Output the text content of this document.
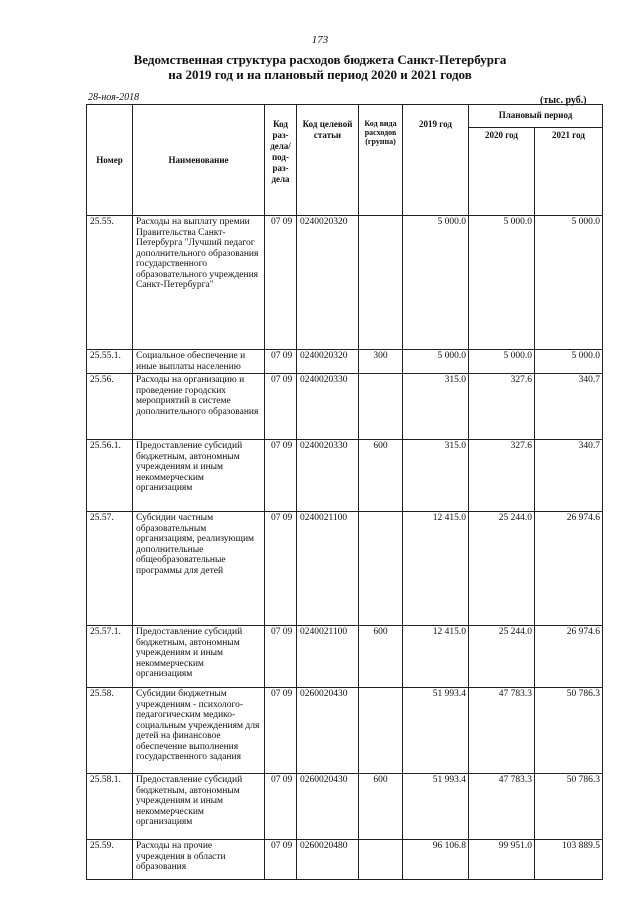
173
Ведомственная структура расходов бюджета Санкт-Петербурга
на 2019 год и на плановый период 2020 и 2021 годов
28-ноя-2018	(тыс. руб.)
Номер	Наименование	Код раз-дела/под-раз-дела	Код целевой статьи	Код вида расходов (группа)	2019 год	Плановый период	
						2020 год	2021 год
25.55.	Расходы на выплату премии Правительства Санкт-Петербурга "Лучший педагог дополнительного образования государственного образовательного учреждения Санкт-Петербурга"	07 09	0240020320		5 000.0	5 000.0	5 000.0
25.55.1.	Социальное обеспечение и иные выплаты населению	07 09	0240020320	300	5 000.0	5 000.0	5 000.0
25.56.	Расходы на организацию и проведение городских мероприятий в системе дополнительного образования	07 09	0240020330		315.0	327.6	340.7
25.56.1.	Предоставление субсидий бюджетным, автономным учреждениям и иным некоммерческим организациям	07 09	0240020330	600	315.0	327.6	340.7
25.57.	Субсидии частным образовательным организациям, реализующим дополнительные общеобразовательные программы для детей	07 09	0240021100		12 415.0	25 244.0	26 974.6
25.57.1.	Предоставление субсидий бюджетным, автономным учреждениям и иным некоммерческим организациям	07 09	0240021100	600	12 415.0	25 244.0	26 974.6
25.58.	Субсидии бюджетным учреждениям - психолого-педагогическим медико-социальным учреждениям для детей на финансовое обеспечение выполнения государственного задания	07 09	0260020430		51 993.4	47 783.3	50 786.3
25.58.1.	Предоставление субсидий бюджетным, автономным учреждениям и иным некоммерческим организациям	07 09	0260020430	600	51 993.4	47 783.3	50 786.3
25.59.	Расходы на прочие учреждения в области образования	07 09	0260020480		96 106.8	99 951.0	103 889.5
